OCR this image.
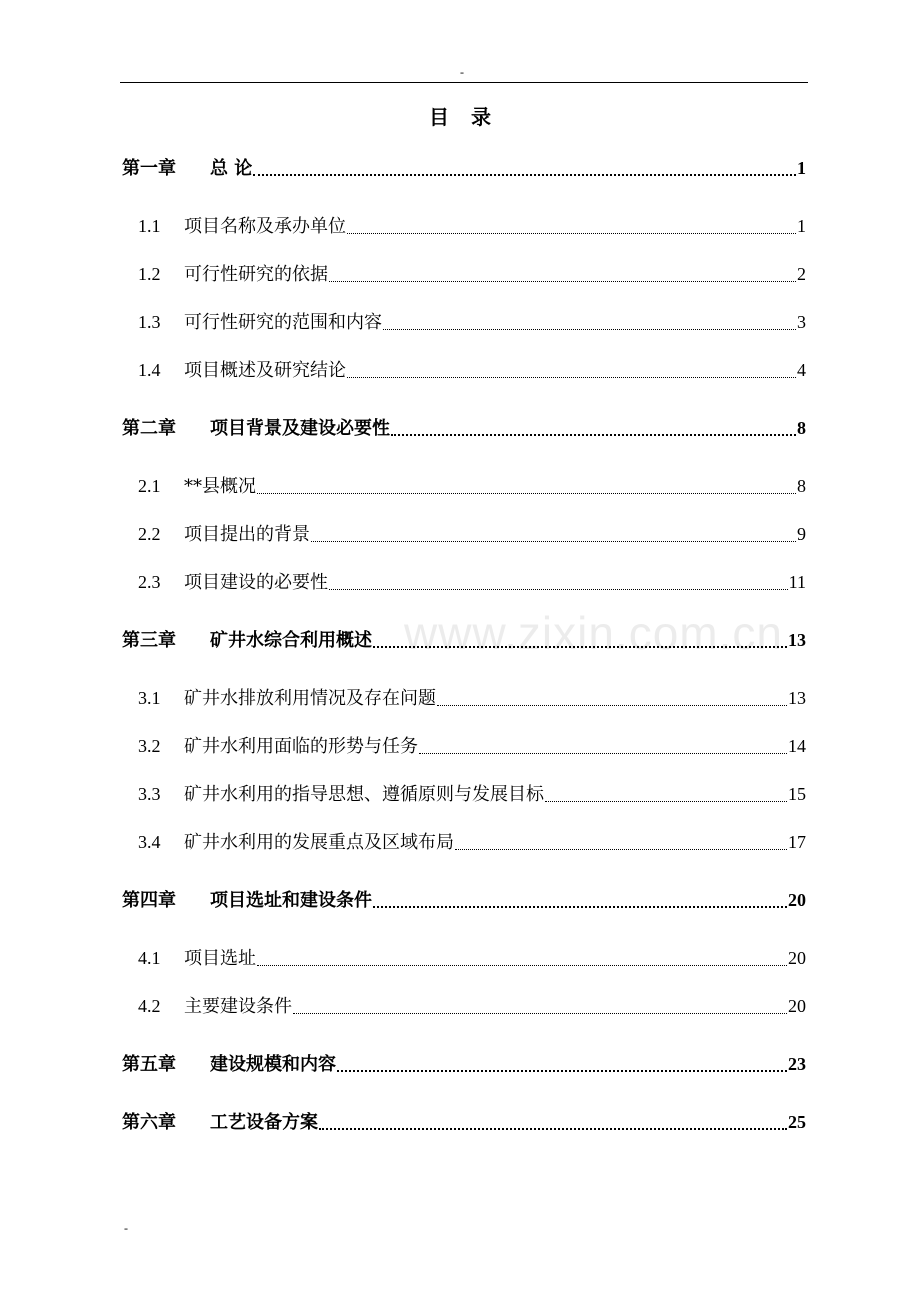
-
目 录
www.zixin.com.cn
第一章	总 论	1
1.1	项目名称及承办单位	1
1.2	可行性研究的依据	2
1.3	可行性研究的范围和内容	3
1.4	项目概述及研究结论	4
第二章	项目背景及建设必要性	8
2.1	**县概况	8
2.2	项目提出的背景	9
2.3	项目建设的必要性	11
第三章	矿井水综合利用概述	13
3.1	矿井水排放利用情况及存在问题	13
3.2	矿井水利用面临的形势与任务	14
3.3	矿井水利用的指导思想、遵循原则与发展目标	15
3.4	矿井水利用的发展重点及区域布局	17
第四章	项目选址和建设条件	20
4.1	项目选址	20
4.2	主要建设条件	20
第五章	建设规模和内容	23
第六章	工艺设备方案	25
-
